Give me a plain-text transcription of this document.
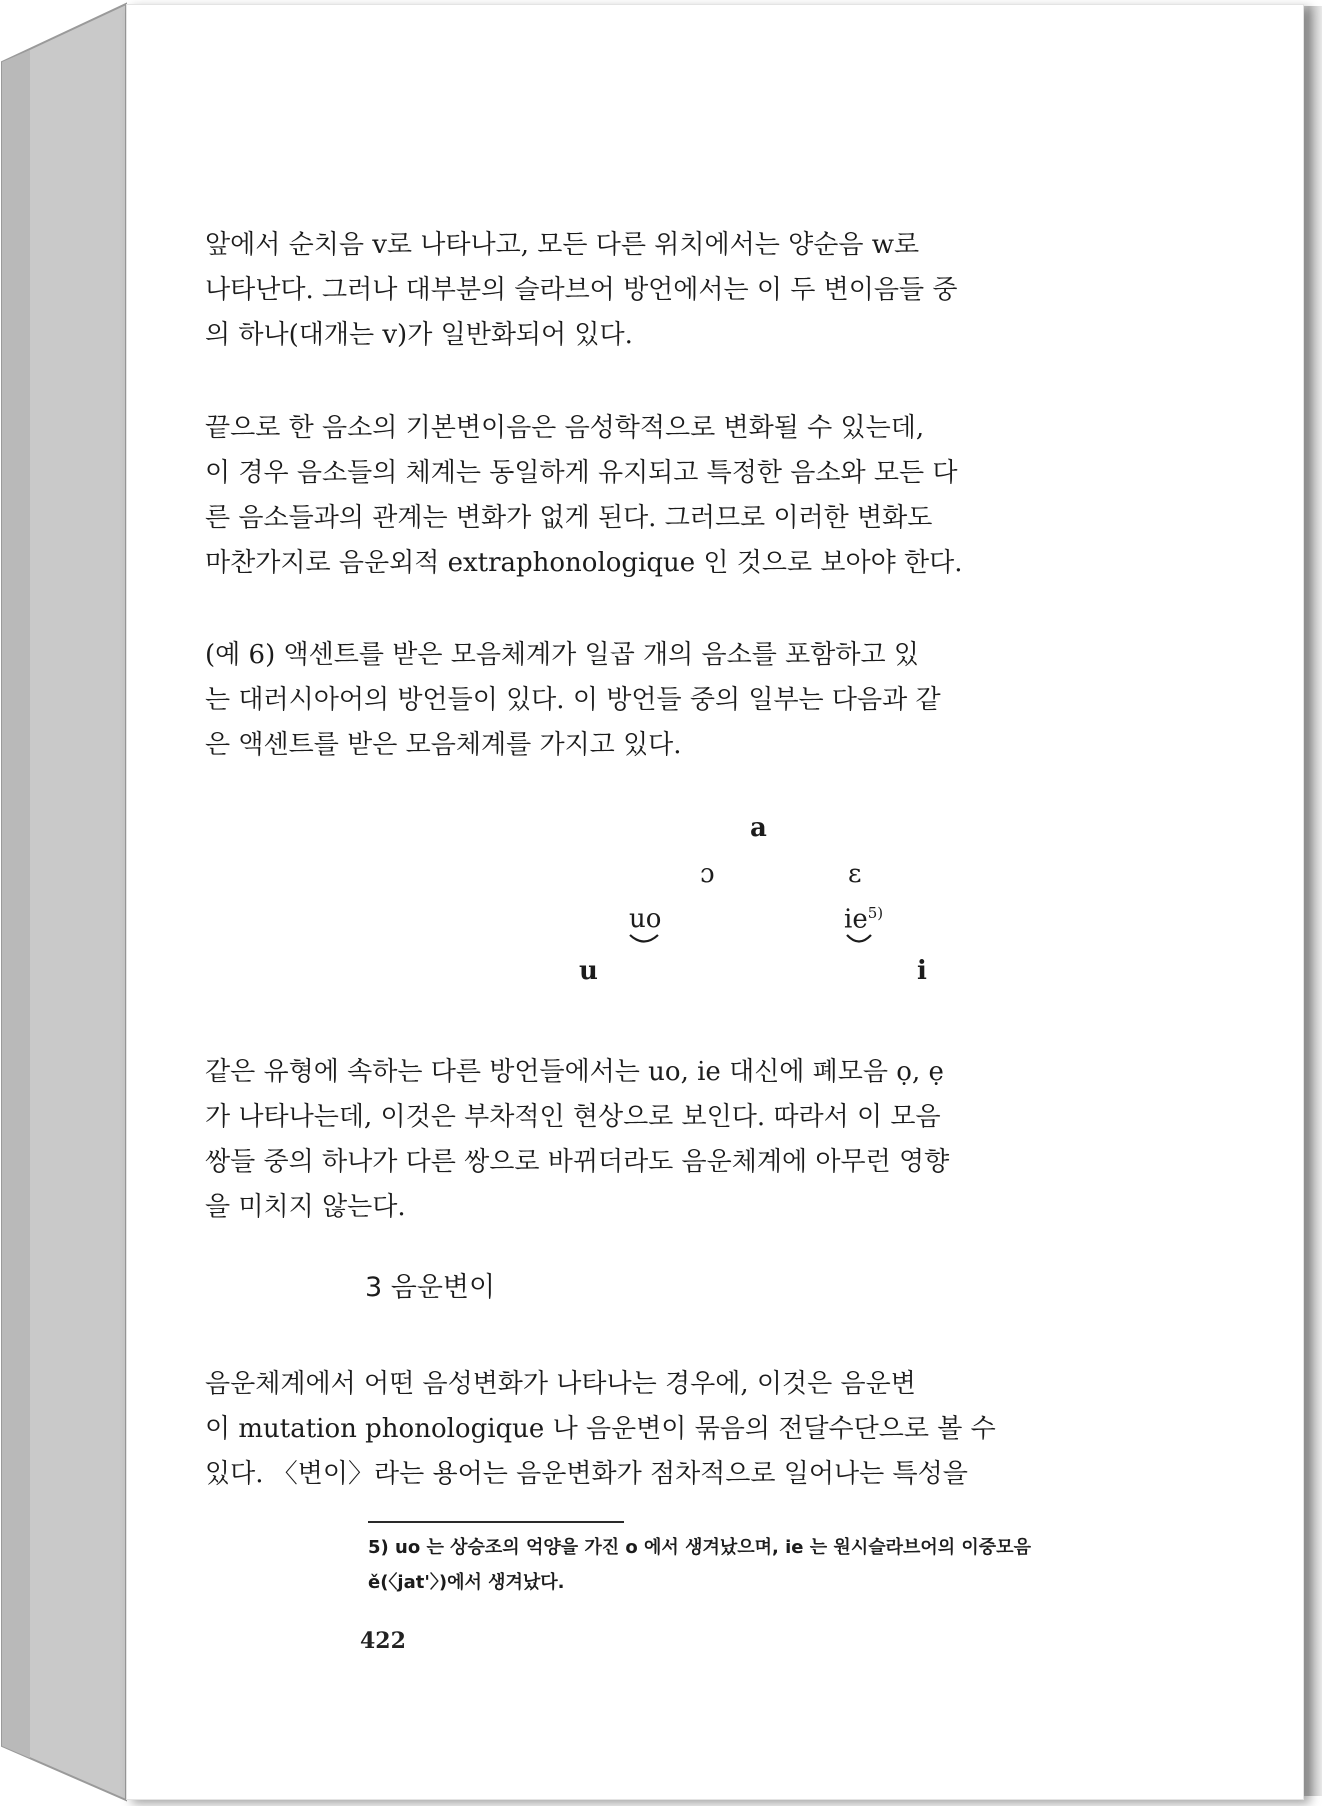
앞에서 순치음 v로 나타나고, 모든 다른 위치에서는 양순음 w로
나타난다. 그러나 대부분의 슬라브어 방언에서는 이 두 변이음들 중
의 하나(대개는 v)가 일반화되어 있다.

끝으로 한 음소의 기본변이음은 음성학적으로 변화될 수 있는데,
이 경우 음소들의 체계는 동일하게 유지되고 특정한 음소와 모든 다
른 음소들과의 관계는 변화가 없게 된다. 그러므로 이러한 변화도
마찬가지로 음운외적 extraphonologique 인 것으로 보아야 한다.

(예 6) 액센트를 받은 모음체계가 일곱 개의 음소를 포함하고 있
는 대러시아어의 방언들이 있다. 이 방언들 중의 일부는 다음과 같
은 액센트를 받은 모음체계를 가지고 있다.

a
ɔ	ɛ
uo	$ie^{5)}$
u	i

같은 유형에 속하는 다른 방언들에서는 uo, ie 대신에 폐모음 ọ, ẹ
가 나타나는데, 이것은 부차적인 현상으로 보인다. 따라서 이 모음
쌍들 중의 하나가 다른 쌍으로 바뀌더라도 음운체계에 아무런 영향
을 미치지 않는다.

3 음운변이

음운체계에서 어떤 음성변화가 나타나는 경우에, 이것은 음운변
이 mutation phonologique 나 음운변이 묶음의 전달수단으로 볼 수
있다. 〈변이〉라는 용어는 음운변화가 점차적으로 일어나는 특성을

5) uo 는 상승조의 억양을 가진 o 에서 생겨났으며, ie 는 원시슬라브어의 이중모음
ě(〈jat'〉)에서 생겨났다.
422
